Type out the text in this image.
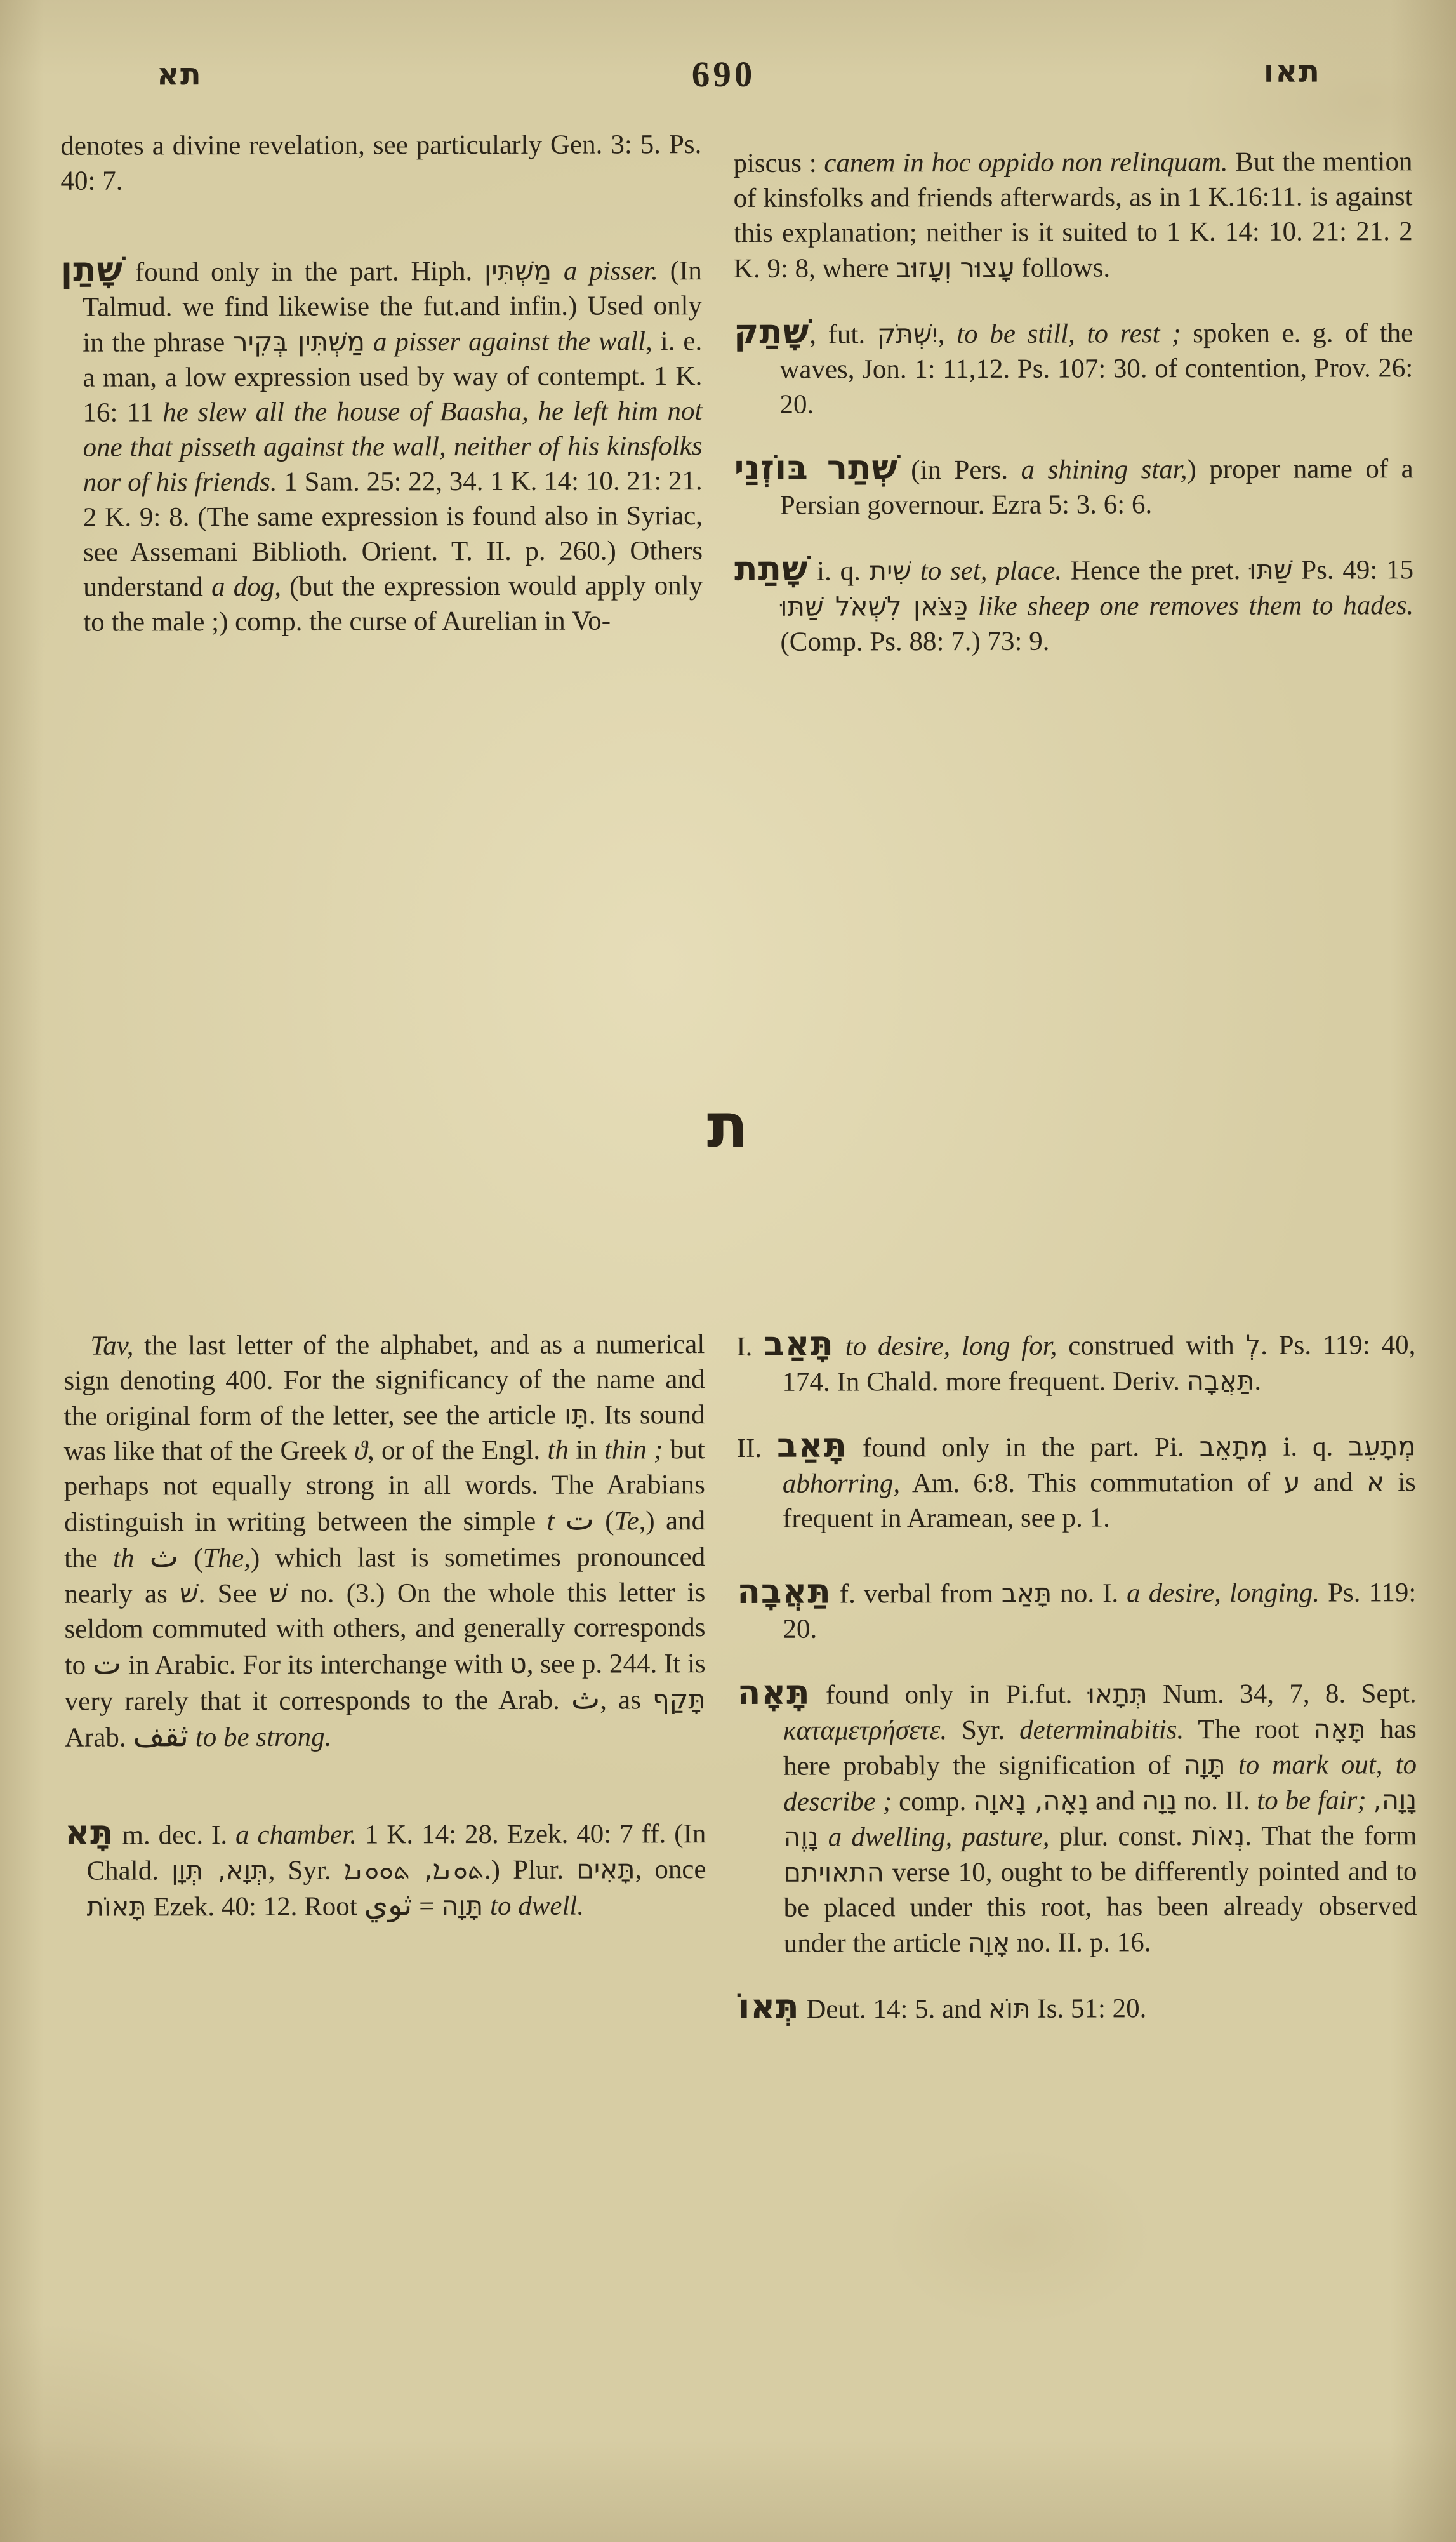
תא	690	תאו

denotes a divine revelation, see particularly Gen. 3: 5. Ps. 40: 7.

שָׁתַן found only in the part. Hiph. מַשְׁתִּין a pisser. (In Talmud. we find likewise the fut.and infin.) Used only in the phrase מַשְׁתִּין בְּקִיר a pisser against the wall, i. e. a man, a low expression used by way of contempt. 1 K. 16: 11 he slew all the house of Baasha, he left him not one that pisseth against the wall, neither of his kinsfolks nor of his friends. 1 Sam. 25: 22, 34. 1 K. 14: 10. 21: 21. 2 K. 9: 8. (The same expression is found also in Syriac, see Assemani Biblioth. Orient. T. II. p. 260.) Others understand a dog, (but the expression would apply only to the male ;) comp. the curse of Aurelian in Vo-

piscus : canem in hoc oppido non relinquam. But the mention of kinsfolks and friends afterwards, as in 1 K.16:11. is against this explanation; neither is it suited to 1 K. 14: 10. 21: 21. 2 K. 9: 8, where עָצוּר וְעָזוּב follows.

שָׁתַק, fut. יִשְׁתֹּק, to be still, to rest ; spoken e. g. of the waves, Jon. 1: 11,12. Ps. 107: 30. of contention, Prov. 26: 20.

שְׁתַר בּוֹזְנַי (in Pers. a shining star,) proper name of a Persian governour. Ezra 5: 3. 6: 6.

שָׁתַת i. q. שִׁית to set, place. Hence the pret. שַׁתּוּ Ps. 49: 15 כַּצֹּאן לִשְׁאֹל שַׁתּוּ like sheep one removes them to hades. (Comp. Ps. 88: 7.) 73: 9.

ת

Tav, the last letter of the alphabet, and as a numerical sign denoting 400. For the significancy of the name and the original form of the letter, see the article תָּו. Its sound was like that of the Greek ϑ, or of the Engl. th in thin ; but perhaps not equally strong in all words. The Arabians distinguish in writing between the simple t ت (Te,) and the th ث (The,) which last is sometimes pronounced nearly as שׁ. See שׁ no. (3.) On the whole this letter is seldom commuted with others, and generally corresponds to ت in Arabic. For its interchange with ט, see p. 244. It is very rarely that it corresponds to the Arab. ث, as תָּקַף Arab. ثقف to be strong.

תָּא m. dec. I. a chamber. 1 K. 14: 28. Ezek. 40: 7 ff. (In Chald. תְּוָא, תְּוָן, Syr. ܬܘܢܐ, ܬܘܘܢܐ.) Plur. תָּאִים, once תָּאוֹת Ezek. 40: 12. Root	תָּוָה = ثوي	to dwell.

I. תָּאַב to desire, long for, construed with לְ. Ps. 119: 40, 174. In Chald. more frequent. Deriv. תַּאֲבָה.

II. תָּאַב found only in the part. Pi. מְתָאֵב i. q. מְתָעֵב abhorring, Am. 6:8. This commutation of ע and א is frequent in Aramean, see p. 1.

תַּאֲבָה f. verbal from תָּאַב no. I. a desire, longing. Ps. 119: 20.

תָּאָה found only in Pi.fut. תְּתָאוּ Num. 34, 7, 8. Sept. καταμετρήσετε. Syr. determinabitis. The root תָּאָה has here probably the signification of תָּוָה to mark out, to describe ; comp. נָאָה, נָאוָה and נָוָה no. II. to be fair; נָוָה, נָוֶה a dwelling, pasture, plur. const. נְאוֹת. That the form התאויתם verse 10, ought to be differently pointed and to be placed under this root, has been already observed under the article אָוָה no. II. p. 16.

תְּאוֹ Deut. 14: 5. and תּוֹא Is. 51: 20.
